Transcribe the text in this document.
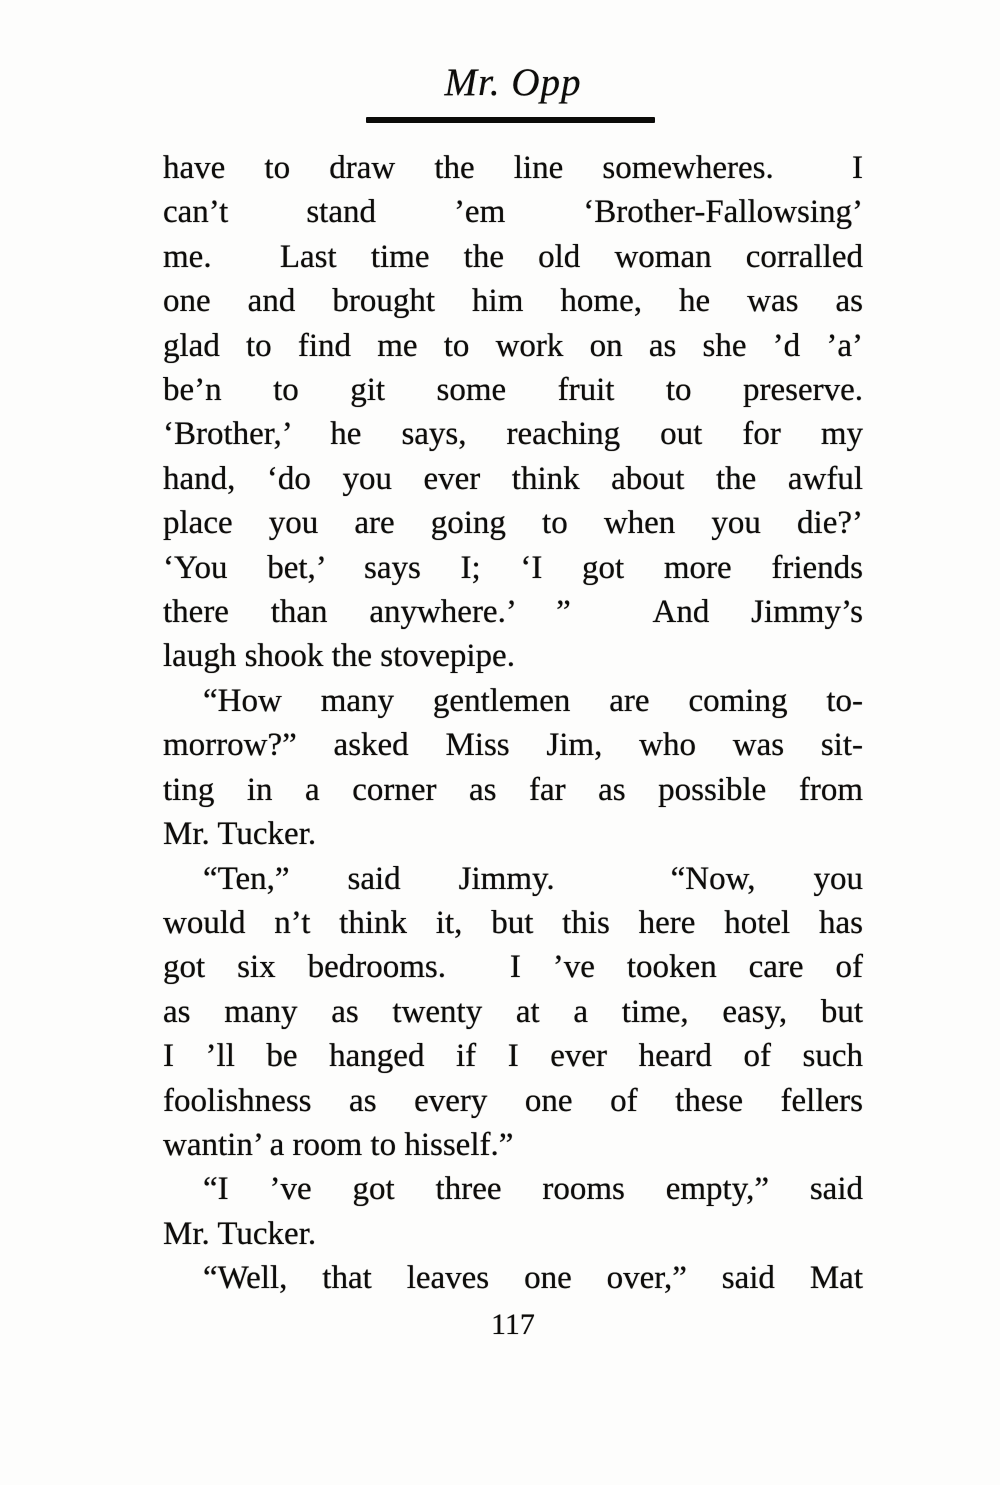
Mr. Opp
have to draw the line somewheres.  I
can’t stand ’em ‘Brother-Fallowsing’
me.  Last time the old woman corralled
one and brought him home, he was as
glad to find me to work on as she ’d ’a’
be’n to git some fruit to preserve.
‘Brother,’ he says, reaching out for my
hand, ‘do you ever think about the awful
place you are going to when you die?’
‘You bet,’ says I; ‘I got more friends
there than anywhere.’ ”  And Jimmy’s
laugh shook the stovepipe.
“How many gentlemen are coming to-
morrow?” asked Miss Jim, who was sit-
ting in a corner as far as possible from
Mr. Tucker.
“Ten,” said Jimmy.  “Now, you
would n’t think it, but this here hotel has
got six bedrooms.  I ’ve tooken care of
as many as twenty at a time, easy, but
I ’ll be hanged if I ever heard of such
foolishness as every one of these fellers
wantin’ a room to hisself.”
“I ’ve got three rooms empty,” said
Mr. Tucker.
“Well, that leaves one over,” said Mat
117
